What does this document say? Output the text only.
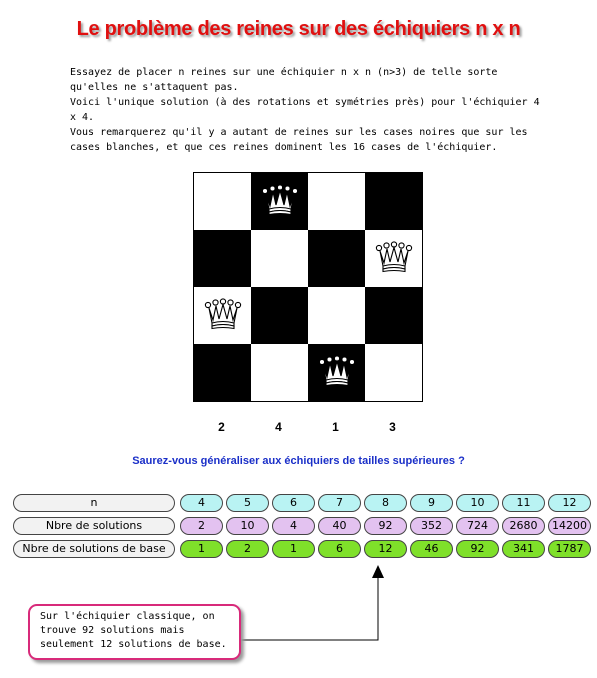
Le problème des reines sur des échiquiers n x n

Essayez de placer n reines sur une échiquier n x n (n>3) de telle sorte qu'elles ne s'attaquent pas.

Voici l'unique solution (à des rotations et symétries près) pour l'échiquier 4 x 4.

Vous remarquerez qu'il y a autant de reines sur les cases noires que sur les cases blanches, et que ces reines dominent les 16 cases de l'échiquier.

2	4	1	3
Saurez-vous généraliser aux échiquiers de tailles supérieures ?
n	4	5	6	7	8	9	10	11	12
Nbre de solutions	2	10	4	40	92	352	724	2680	14200
Nbre de solutions de base	1	2	1	6	12	46	92	341	1787

Sur l'échiquier classique, on

trouve 92 solutions mais

seulement 12 solutions de base.
